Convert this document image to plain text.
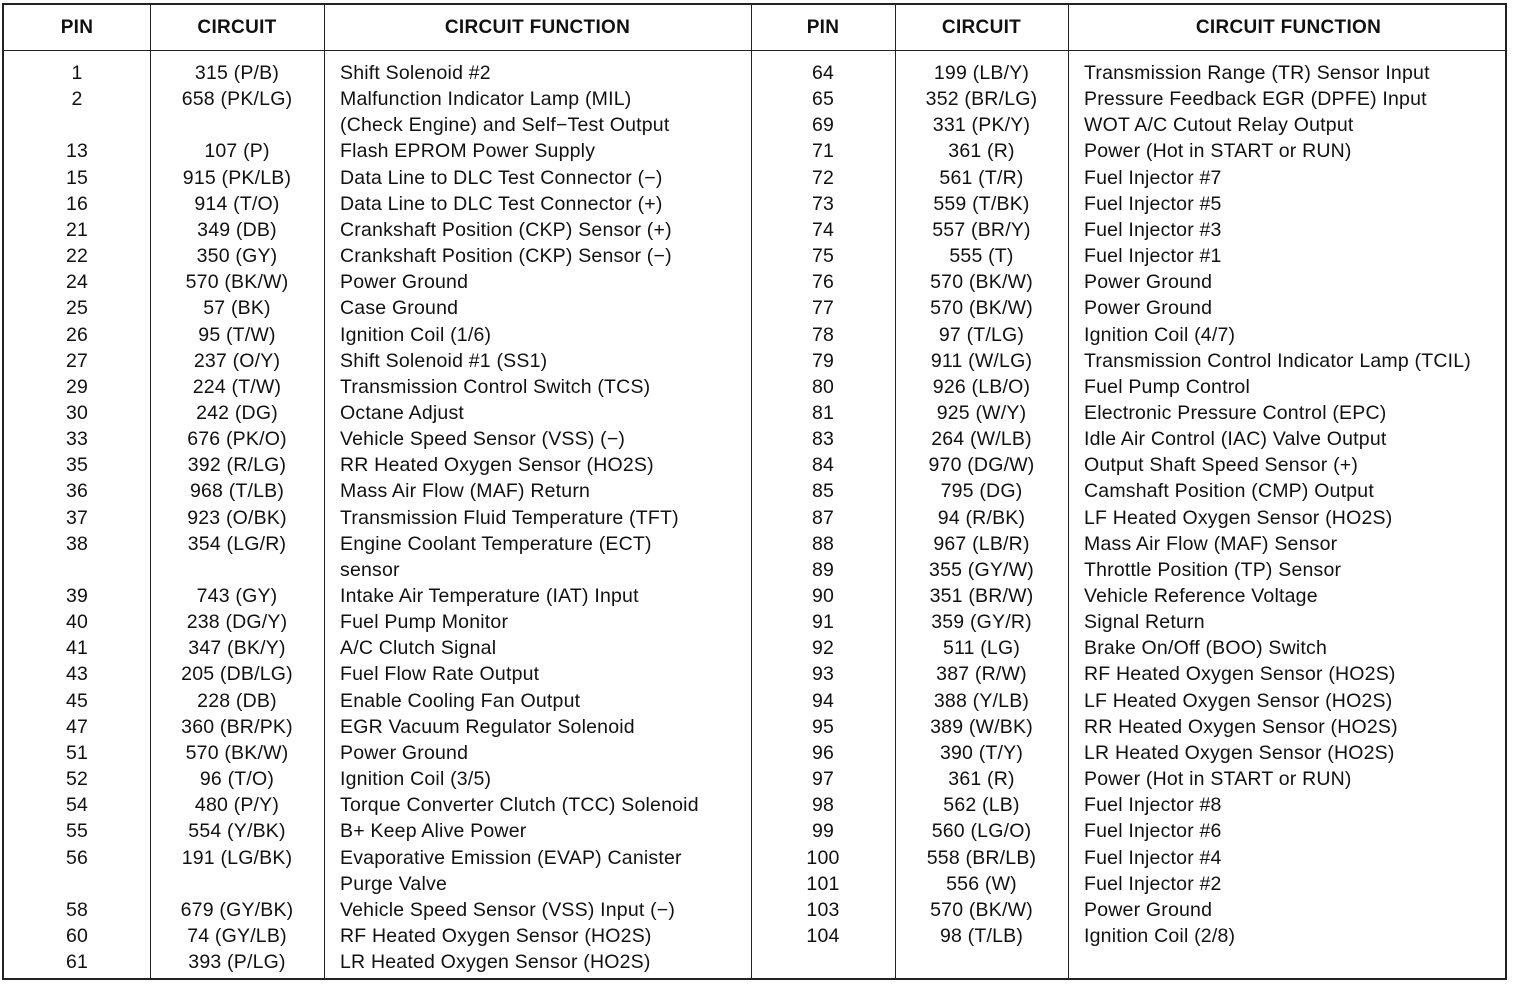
PIN	CIRCUIT	CIRCUIT FUNCTION	PIN	CIRCUIT	CIRCUIT FUNCTION
1	315 (P/B)	Shift Solenoid #2
2	658 (PK/LG)	Malfunction Indicator Lamp (MIL)
(Check Engine) and Self−Test Output
13	107 (P)	Flash EPROM Power Supply
15	915 (PK/LB)	Data Line to DLC Test Connector (−)
16	914 (T/O)	Data Line to DLC Test Connector (+)
21	349 (DB)	Crankshaft Position (CKP) Sensor (+)
22	350 (GY)	Crankshaft Position (CKP) Sensor (−)
24	570 (BK/W)	Power Ground
25	57 (BK)	Case Ground
26	95 (T/W)	Ignition Coil (1/6)
27	237 (O/Y)	Shift Solenoid #1 (SS1)
29	224 (T/W)	Transmission Control Switch (TCS)
30	242 (DG)	Octane Adjust
33	676 (PK/O)	Vehicle Speed Sensor (VSS) (−)
35	392 (R/LG)	RR Heated Oxygen Sensor (HO2S)
36	968 (T/LB)	Mass Air Flow (MAF) Return
37	923 (O/BK)	Transmission Fluid Temperature (TFT)
38	354 (LG/R)	Engine Coolant Temperature (ECT)
sensor
39	743 (GY)	Intake Air Temperature (IAT) Input
40	238 (DG/Y)	Fuel Pump Monitor
41	347 (BK/Y)	A/C Clutch Signal
43	205 (DB/LG)	Fuel Flow Rate Output
45	228 (DB)	Enable Cooling Fan Output
47	360 (BR/PK)	EGR Vacuum Regulator Solenoid
51	570 (BK/W)	Power Ground
52	96 (T/O)	Ignition Coil (3/5)
54	480 (P/Y)	Torque Converter Clutch (TCC) Solenoid
55	554 (Y/BK)	B+ Keep Alive Power
56	191 (LG/BK)	Evaporative Emission (EVAP) Canister
Purge Valve
58	679 (GY/BK)	Vehicle Speed Sensor (VSS) Input (−)
60	74 (GY/LB)	RF Heated Oxygen Sensor (HO2S)
61	393 (P/LG)	LR Heated Oxygen Sensor (HO2S)
64	199 (LB/Y)	Transmission Range (TR) Sensor Input
65	352 (BR/LG)	Pressure Feedback EGR (DPFE) Input
69	331 (PK/Y)	WOT A/C Cutout Relay Output
71	361 (R)	Power (Hot in START or RUN)
72	561 (T/R)	Fuel Injector #7
73	559 (T/BK)	Fuel Injector #5
74	557 (BR/Y)	Fuel Injector #3
75	555 (T)	Fuel Injector #1
76	570 (BK/W)	Power Ground
77	570 (BK/W)	Power Ground
78	97 (T/LG)	Ignition Coil (4/7)
79	911 (W/LG)	Transmission Control Indicator Lamp (TCIL)
80	926 (LB/O)	Fuel Pump Control
81	925 (W/Y)	Electronic Pressure Control (EPC)
83	264 (W/LB)	Idle Air Control (IAC) Valve Output
84	970 (DG/W)	Output Shaft Speed Sensor (+)
85	795 (DG)	Camshaft Position (CMP) Output
87	94 (R/BK)	LF Heated Oxygen Sensor (HO2S)
88	967 (LB/R)	Mass Air Flow (MAF) Sensor
89	355 (GY/W)	Throttle Position (TP) Sensor
90	351 (BR/W)	Vehicle Reference Voltage
91	359 (GY/R)	Signal Return
92	511 (LG)	Brake On/Off (BOO) Switch
93	387 (R/W)	RF Heated Oxygen Sensor (HO2S)
94	388 (Y/LB)	LF Heated Oxygen Sensor (HO2S)
95	389 (W/BK)	RR Heated Oxygen Sensor (HO2S)
96	390 (T/Y)	LR Heated Oxygen Sensor (HO2S)
97	361 (R)	Power (Hot in START or RUN)
98	562 (LB)	Fuel Injector #8
99	560 (LG/O)	Fuel Injector #6
100	558 (BR/LB)	Fuel Injector #4
101	556 (W)	Fuel Injector #2
103	570 (BK/W)	Power Ground
104	98 (T/LB)	Ignition Coil (2/8)
